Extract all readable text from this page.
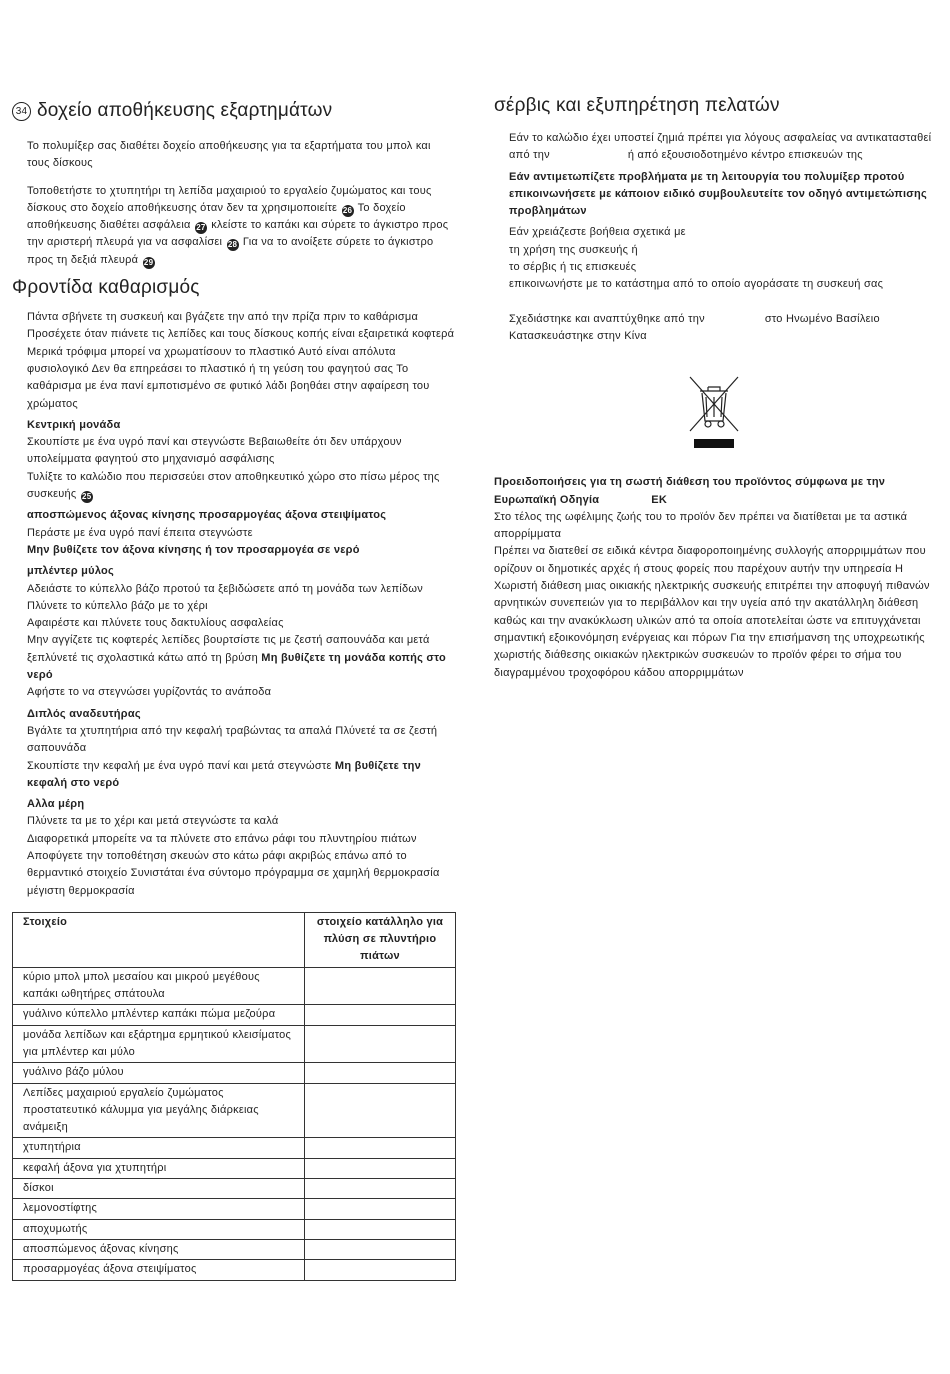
34 δοχείο αποθήκευσης εξαρτημάτων

Το πολυμίξερ σας διαθέτει δοχείο αποθήκευσης για τα εξαρτήματα του μπολ και τους δίσκους

Τοποθετήστε το χτυπητήρι τη λεπίδα μαχαιριού το εργαλείο ζυμώματος και τους δίσκους στο δοχείο αποθήκευσης όταν δεν τα χρησιμοποιείτε 26 Το δοχείο αποθήκευσης διαθέτει ασφάλεια 27 κλείστε το καπάκι και σύρετε το άγκιστρο προς την αριστερή πλευρά για να ασφαλίσει 28 Για να το ανοίξετε σύρετε το άγκιστρο προς τη δεξιά πλευρά 29

Φροντίδα καθαρισμός

Πάντα σβήνετε τη συσκευή και βγάζετε την από την πρίζα πριν το καθάρισμα

Προσέχετε όταν πιάνετε τις λεπίδες και τους δίσκους κοπής είναι εξαιρετικά κοφτερά

Μερικά τρόφιμα μπορεί να χρωματίσουν το πλαστικό Αυτό είναι απόλυτα φυσιολογικό Δεν θα επηρεάσει το πλαστικό ή τη γεύση του φαγητού σας Το καθάρισμα με ένα πανί εμποτισμένο σε φυτικό λάδι βοηθάει στην αφαίρεση του χρώματος

Κεντρική μονάδα

Σκουπίστε με ένα υγρό πανί και στεγνώστε Βεβαιωθείτε ότι δεν υπάρχουν υπολείμματα φαγητού στο μηχανισμό ασφάλισης

Τυλίξτε το καλώδιο που περισσεύει στον αποθηκευτικό χώρο στο πίσω μέρος της συσκευής 25

αποσπώμενος άξονας κίνησης προσαρμογέας άξονα στειψίματος

Περάστε με ένα υγρό πανί έπειτα στεγνώστε

Μην βυθίζετε τον άξονα κίνησης ή τον προσαρμογέα σε νερό

μπλέντερ μύλος

Αδειάστε το κύπελλο βάζο προτού τα ξεβιδώσετε από τη μονάδα των λεπίδων

Πλύνετε το κύπελλο βάζο με το χέρι

Αφαιρέστε και πλύνετε τους δακτυλίους ασφαλείας

Μην αγγίζετε τις κοφτερές λεπίδες βουρτσίστε τις με ζεστή σαπουνάδα και μετά ξεπλύνετέ τις σχολαστικά κάτω από τη βρύση Μη βυθίζετε τη μονάδα κοπής στο νερό

Αφήστε το να στεγνώσει γυρίζοντάς το ανάποδα

Διπλός αναδευτήρας

Βγάλτε τα χτυπητήρια από την κεφαλή τραβώντας τα απαλά Πλύνετέ τα σε ζεστή σαπουνάδα

Σκουπίστε την κεφαλή με ένα υγρό πανί και μετά στεγνώστε Μη βυθίζετε την κεφαλή στο νερό

Αλλα μέρη

Πλύνετε τα με το χέρι και μετά στεγνώστε τα καλά

Διαφορετικά μπορείτε να τα πλύνετε στο επάνω ράφι του πλυντηρίου πιάτων Αποφύγετε την τοποθέτηση σκευών στο κάτω ράφι ακριβώς επάνω από το θερμαντικό στοιχείο Συνιστάται ένα σύντομο πρόγραμμα σε χαμηλή θερμοκρασία μέγιστη θερμοκρασία

Στοιχείο	στοιχείο κατάλληλο για πλύση σε πλυντήριο πιάτων
κύριο μπολ μπολ μεσαίου και μικρού μεγέθους καπάκι ωθητήρες σπάτουλα	
γυάλινο κύπελλο μπλέντερ καπάκι πώμα μεζούρα	
μονάδα λεπίδων και εξάρτημα ερμητικού κλεισίματος για μπλέντερ και μύλο	
γυάλινο βάζο μύλου	
Λεπίδες μαχαιριού εργαλείο ζυμώματος προστατευτικό κάλυμμα για μεγάλης διάρκειας ανάμειξη	
χτυπητήρια	
κεφαλή άξονα για χτυπητήρι	
δίσκοι	
λεμονοστίφτης	
αποχυμωτής	
αποσπώμενος άξονας κίνησης	
προσαρμογέας άξονα στειψίματος	
σέρβις και εξυπηρέτηση πελατών

Εάν το καλώδιο έχει υποστεί ζημιά πρέπει για λόγους ασφαλείας να αντικατασταθεί από την	ή από εξουσιοδοτημένο κέντρο επισκευών της

Εάν αντιμετωπίζετε προβλήματα με τη λειτουργία του πολυμίξερ προτού επικοινωνήσετε με κάποιον ειδικό συμβουλευτείτε τον οδηγό αντιμετώπισης προβλημάτων

Εάν χρειάζεστε βοήθεια σχετικά με

τη χρήση της συσκευής ή

το σέρβις ή τις επισκευές

επικοινωνήστε με το κατάστημα από το οποίο αγοράσατε τη συσκευή σας

Σχεδιάστηκε και αναπτύχθηκε από την	στο Ηνωμένο Βασίλειο

Κατασκευάστηκε στην Κίνα

Προειδοποιήσεις για τη σωστή διάθεση του προϊόντος σύμφωνα με την Ευρωπαϊκή Οδηγία	ΕΚ

Στο τέλος της ωφέλιμης ζωής του το προϊόν δεν πρέπει να διατίθεται με τα αστικά απορρίμματα

Πρέπει να διατεθεί σε ειδικά κέντρα διαφοροποιημένης συλλογής απορριμμάτων που ορίζουν οι δημοτικές αρχές ή στους φορείς που παρέχουν αυτήν την υπηρεσία Η Χωριστή διάθεση μιας οικιακής ηλεκτρικής συσκευής επιτρέπει την αποφυγή πιθανών αρνητικών συνεπειών για το περιβάλλον και την υγεία από την ακατάλληλη διάθεση καθώς και την ανακύκλωση υλικών από τα οποία αποτελείται ώστε να επιτυγχάνεται σημαντική εξοικονόμηση ενέργειας και πόρων Για την επισήμανση της υποχρεωτικής χωριστής διάθεσης οικιακών ηλεκτρικών συσκευών το προϊόν φέρει το σήμα του διαγραμμένου τροχοφόρου κάδου απορριμμάτων
